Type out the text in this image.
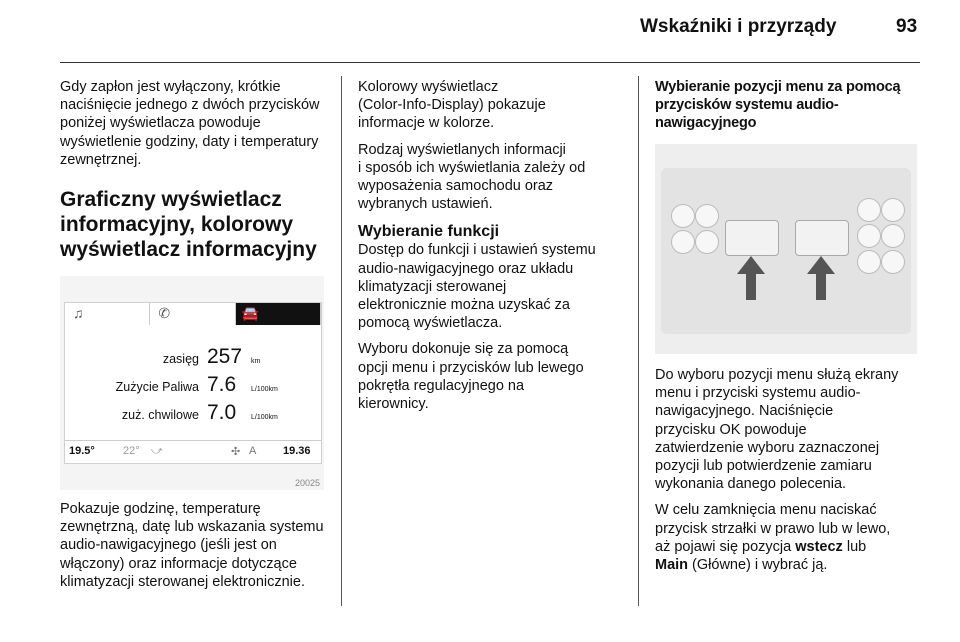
Wskaźniki i przyrządy	93

Gdy zapłon jest wyłączony, krótkie naciśnięcie jednego z dwóch przycisków poniżej wyświetlacza powoduje wyświetlenie godziny, daty i temperatury zewnętrznej.

Graficzny wyświetlacz
informacyjny, kolorowy
wyświetlacz informacyjny
♫	✆	🚘
zasięg 257 km
Zużycie Paliwa 7.6 L/100km
zuż. chwilowe 7.0 L/100km
19.5°	22° ⤻	✣ A 19.36
20025

Pokazuje godzinę, temperaturę zewnętrzną, datę lub wskazania systemu audio-nawigacyjnego (jeśli jest on włączony) oraz informacje dotyczące klimatyzacji sterowanej elektronicznie.

Kolorowy wyświetlacz
(Color-Info-Display) pokazuje
informacje w kolorze.

Rodzaj wyświetlanych informacji
i sposób ich wyświetlania zależy od
wyposażenia samochodu oraz
wybranych ustawień.

Wybieranie funkcji

Dostęp do funkcji i ustawień systemu
audio-nawigacyjnego oraz układu
klimatyzacji sterowanej
elektronicznie można uzyskać za
pomocą wyświetlacza.

Wyboru dokonuje się za pomocą
opcji menu i przycisków lub lewego
pokrętła regulacyjnego na
kierownicy.

Wybieranie pozycji menu za pomocą
przycisków systemu audio-
nawigacyjnego

Do wyboru pozycji menu służą ekrany
menu i przyciski systemu audio-
nawigacyjnego. Naciśnięcie
przycisku OK powoduje
zatwierdzenie wyboru zaznaczonej
pozycji lub potwierdzenie zamiaru
wykonania danego polecenia.

W celu zamknięcia menu naciskać
przycisk strzałki w prawo lub w lewo,
aż pojawi się pozycja wstecz lub
Main (Główne) i wybrać ją.
